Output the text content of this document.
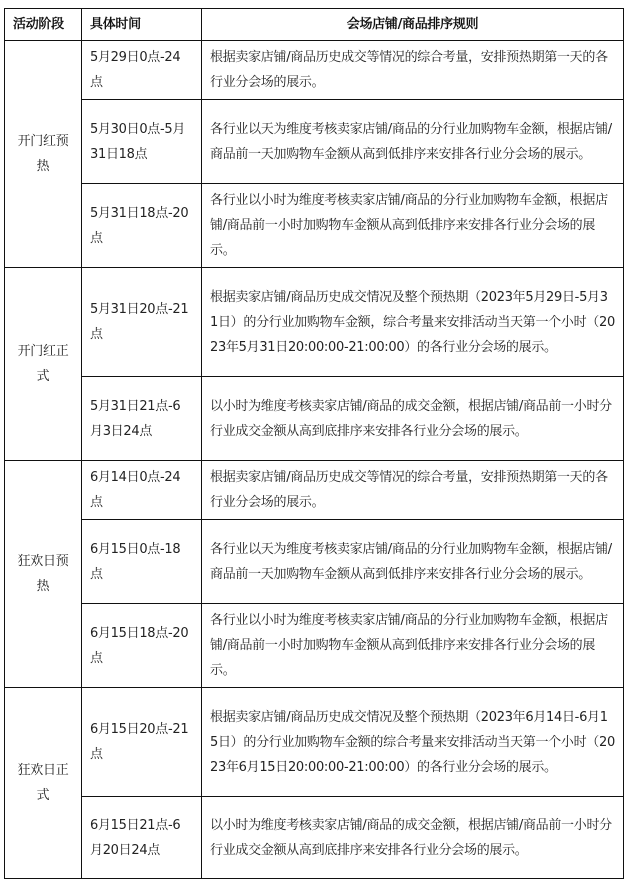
活动阶段	具体时间	会场店铺/商品排序规则
开门红预热	5月29日0点-24点	根据卖家店铺/商品历史成交等情况的综合考量，安排预热期第一天的各行业分会场的展示。
	5月30日0点-5月31日18点	各行业以天为维度考核卖家店铺/商品的分行业加购物车金额，根据店铺/商品前一天加购物车金额从高到低排序来安排各行业分会场的展示。
	5月31日18点-20点	各行业以小时为维度考核卖家店铺/商品的分行业加购物车金额，根据店铺/商品前一小时加购物车金额从高到低排序来安排各行业分会场的展示。
开门红正式	5月31日20点-21点	根据卖家店铺/商品历史成交情况及整个预热期（2023年5月29日-5月31日）的分行业加购物车金额，综合考量来安排活动当天第一个小时（2023年5月31日20:00:00-21:00:00）的各行业分会场的展示。
	5月31日21点-6月3日24点	以小时为维度考核卖家店铺/商品的成交金额，根据店铺/商品前一小时分行业成交金额从高到底排序来安排各行业分会场的展示。
狂欢日预热	6月14日0点-24点	根据卖家店铺/商品历史成交等情况的综合考量，安排预热期第一天的各行业分会场的展示。
	6月15日0点-18点	各行业以天为维度考核卖家店铺/商品的分行业加购物车金额，根据店铺/商品前一天加购物车金额从高到低排序来安排各行业分会场的展示。
	6月15日18点-20点	各行业以小时为维度考核卖家店铺/商品的分行业加购物车金额，根据店铺/商品前一小时加购物车金额从高到低排序来安排各行业分会场的展示。
狂欢日正式	6月15日20点-21点	根据卖家店铺/商品历史成交情况及整个预热期（2023年6月14日-6月15日）的分行业加购物车金额的综合考量来安排活动当天第一个小时（2023年6月15日20:00:00-21:00:00）的各行业分会场的展示。
	6月15日21点-6月20日24点	以小时为维度考核卖家店铺/商品的成交金额，根据店铺/商品前一小时分行业成交金额从高到底排序来安排各行业分会场的展示。
